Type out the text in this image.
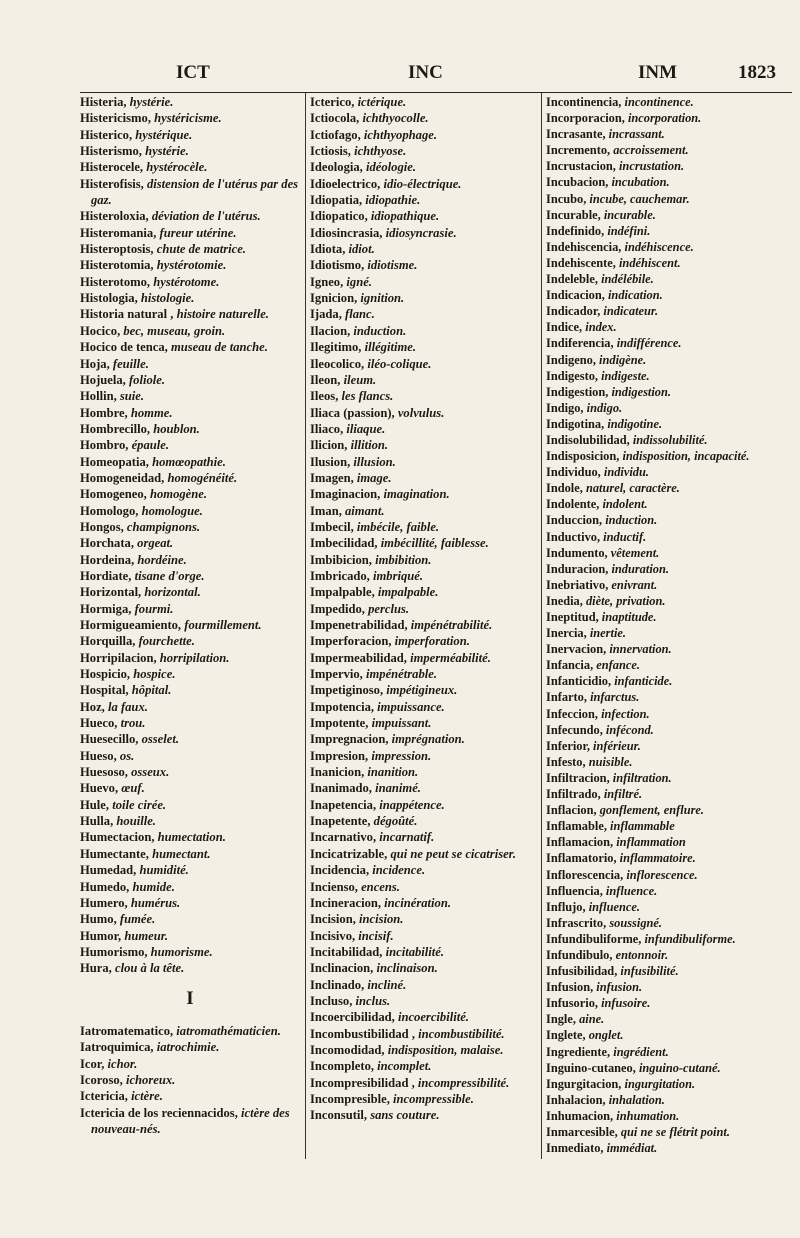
ICT	INC	INM	1823
Histeria, hystérie.
Histericismo, hystéricisme.
Histerico, hystérique.
Histerismo, hystérie.
Histerocele, hystérocèle.
Histerofisis, distension de l'utérus par des gaz.
Histeroloxia, déviation de l'utérus.
Histeromania, fureur utérine.
Histeroptosis, chute de matrice.
Histerotomia, hystérotomie.
Histerotomo, hystérotome.
Histologia, histologie.
Historia natural , histoire naturelle.
Hocico, bec, museau, groin.
Hocico de tenca, museau de tanche.
Hoja, feuille.
Hojuela, foliole.
Hollin, suie.
Hombre, homme.
Hombrecillo, houblon.
Hombro, épaule.
Homeopatia, homœopathie.
Homogeneidad, homogénéité.
Homogeneo, homogène.
Homologo, homologue.
Hongos, champignons.
Horchata, orgeat.
Hordeina, hordéine.
Hordiate, tisane d'orge.
Horizontal, horizontal.
Hormiga, fourmi.
Hormigueamiento, fourmillement.
Horquilla, fourchette.
Horripilacion, horripilation.
Hospicio, hospice.
Hospital, hôpital.
Hoz, la faux.
Hueco, trou.
Huesecillo, osselet.
Hueso, os.
Huesoso, osseux.
Huevo, œuf.
Hule, toile cirée.
Hulla, houille.
Humectacion, humectation.
Humectante, humectant.
Humedad, humidité.
Humedo, humide.
Humero, humérus.
Humo, fumée.
Humor, humeur.
Humorismo, humorisme.
Hura, clou à la tête.
I
Iatromatematico, iatromathématicien.
Iatroquimica, iatrochimie.
Icor, ichor.
Icoroso, ichoreux.
Ictericia, ictère.
Ictericia de los reciennacidos, ictère des nouveau-nés.
Icterico, ictérique.
Ictiocola, ichthyocolle.
Ictiofago, ichthyophage.
Ictiosis, ichthyose.
Ideologia, idéologie.
Idioelectrico, idio-électrique.
Idiopatia, idiopathie.
Idiopatico, idiopathique.
Idiosincrasia, idiosyncrasie.
Idiota, idiot.
Idiotismo, idiotisme.
Igneo, igné.
Ignicion, ignition.
Ijada, flanc.
Ilacion, induction.
Ilegitimo, illégitime.
Ileocolico, iléo-colique.
Ileon, ileum.
Ileos, les flancs.
Iliaca (passion), volvulus.
Iliaco, iliaque.
Ilicion, illition.
Ilusion, illusion.
Imagen, image.
Imaginacion, imagination.
Iman, aimant.
Imbecil, imbécile, faible.
Imbecilidad, imbécillité, faiblesse.
Imbibicion, imbibition.
Imbricado, imbriqué.
Impalpable, impalpable.
Impedido, perclus.
Impenetrabilidad, impénétrabilité.
Imperforacion, imperforation.
Impermeabilidad, imperméabilité.
Impervio, impénétrable.
Impetiginoso, impétigineux.
Impotencia, impuissance.
Impotente, impuissant.
Impregnacion, imprégnation.
Impresion, impression.
Inanicion, inanition.
Inanimado, inanimé.
Inapetencia, inappétence.
Inapetente, dégoûté.
Incarnativo, incarnatif.
Incicatrizable, qui ne peut se cicatriser.
Incidencia, incidence.
Incienso, encens.
Incineracion, incinération.
Incision, incision.
Incisivo, incisif.
Incitabilidad, incitabilité.
Inclinacion, inclinaison.
Inclinado, incliné.
Incluso, inclus.
Incoercibilidad, incoercibilité.
Incombustibilidad , incombustibilité.
Incomodidad, indisposition, malaise.
Incompleto, incomplet.
Incompresibilidad , incompressibilité.
Incompresible, incompressible.
Inconsutil, sans couture.
Incontinencia, incontinence.
Incorporacion, incorporation.
Incrasante, incrassant.
Incremento, accroissement.
Incrustacion, incrustation.
Incubacion, incubation.
Incubo, incube, cauchemar.
Incurable, incurable.
Indefinido, indéfini.
Indehiscencia, indéhiscence.
Indehiscente, indéhiscent.
Indeleble, indélébile.
Indicacion, indication.
Indicador, indicateur.
Indice, index.
Indiferencia, indifférence.
Indigeno, indigène.
Indigesto, indigeste.
Indigestion, indigestion.
Indigo, indigo.
Indigotina, indigotine.
Indisolubilidad, indissolubilité.
Indisposicion, indisposition, incapacité.
Individuo, individu.
Indole, naturel, caractère.
Indolente, indolent.
Induccion, induction.
Inductivo, inductif.
Indumento, vêtement.
Induracion, induration.
Inebriativo, enivrant.
Inedia, diète, privation.
Ineptitud, inaptitude.
Inercia, inertie.
Inervacion, innervation.
Infancia, enfance.
Infanticidio, infanticide.
Infarto, infarctus.
Infeccion, infection.
Infecundo, infécond.
Inferior, inférieur.
Infesto, nuisible.
Infiltracion, infiltration.
Infiltrado, infiltré.
Inflacion, gonflement, enflure.
Inflamable, inflammable
Inflamacion, inflammation
Inflamatorio, inflammatoire.
Inflorescencia, inflorescence.
Influencia, influence.
Influjo, influence.
Infrascrito, soussigné.
Infundibuliforme, infundibuliforme.
Infundibulo, entonnoir.
Infusibilidad, infusibilité.
Infusion, infusion.
Infusorio, infusoire.
Ingle, aine.
Inglete, onglet.
Ingrediente, ingrédient.
Inguino-cutaneo, inguino-cutané.
Ingurgitacion, ingurgitation.
Inhalacion, inhalation.
Inhumacion, inhumation.
Inmarcesible, qui ne se flétrit point.
Inmediato, immédiat.
